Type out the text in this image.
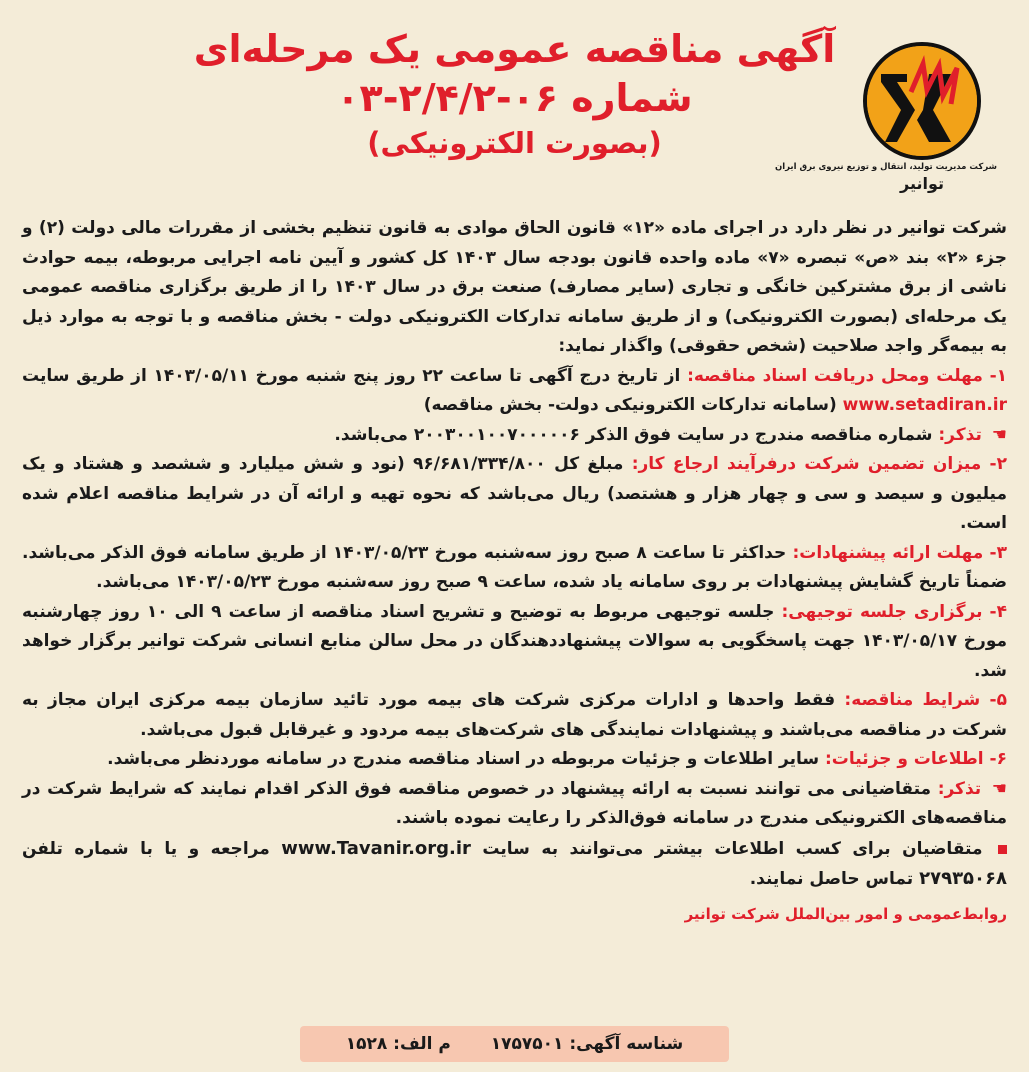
شرکت مدیریت تولید، انتقال و توزیع نیروی برق ایران
توانیر
آگهی مناقصه عمومی یک مرحله‌ای
شماره ۰۶-۲/۴/۲-۰۳
(بصورت الکترونیکی)

شرکت توانیر در نظر دارد در اجرای ماده «۱۲» قانون الحاق موادی به قانون تنظیم بخشی از مقررات مالی دولت (۲) و جزء «۲» بند «ص» تبصره «۷» ماده واحده قانون بودجه سال ۱۴۰۳ کل کشور و آیین نامه اجرایی مربوطه، بیمه حوادث ناشی از برق مشترکین خانگی و تجاری (سایر مصارف) صنعت برق در سال ۱۴۰۳ را از طریق برگزاری مناقصه عمومی یک مرحله‌ای (بصورت الکترونیکی) و از طریق سامانه تدارکات الکترونیکی دولت - بخش مناقصه و با توجه به موارد ذیل به بیمه‌گر واجد صلاحیت (شخص حقوقی) واگذار نماید:

۱- مهلت ومحل دریافت اسناد مناقصه: از تاریخ درج آگهی تا ساعت ۲۲ روز پنج شنبه مورخ ۱۴۰۳/۰۵/۱۱ از طریق سایت www.setadiran.ir (سامانه تدارکات الکترونیکی دولت- بخش مناقصه)

☚ تذکر: شماره مناقصه مندرج در سایت فوق الذکر ۲۰۰۳۰۰۱۰۰۷۰۰۰۰۰۶ می‌باشد.

۲- میزان تضمین شرکت درفرآیند ارجاع کار: مبلغ کل ۹۶/۶۸۱/۳۳۴/۸۰۰ (نود و شش میلیارد و ششصد و هشتاد و یک میلیون و سیصد و سی و چهار هزار و هشتصد) ریال می‌باشد که نحوه تهیه و ارائه آن در شرایط مناقصه اعلام شده است.

۳- مهلت ارائه پیشنهادات: حداکثر تا ساعت ۸ صبح روز سه‌شنبه مورخ ۱۴۰۳/۰۵/۲۳ از طریق سامانه فوق الذکر می‌باشد. ضمناً تاریخ گشایش پیشنهادات بر روی سامانه یاد شده، ساعت ۹ صبح روز سه‌شنبه مورخ ۱۴۰۳/۰۵/۲۳ می‌باشد.

۴- برگزاری جلسه توجیهی: جلسه توجیهی مربوط به توضیح و تشریح اسناد مناقصه از ساعت ۹ الی ۱۰ روز چهارشنبه مورخ ۱۴۰۳/۰۵/۱۷ جهت پاسخگویی به سوالات پیشنهاددهندگان در محل سالن منابع انسانی شرکت توانیر برگزار خواهد شد.

۵- شرایط مناقصه: فقط واحدها و ادارات مرکزی شرکت های بیمه مورد تائید سازمان بیمه مرکزی ایران مجاز به شرکت در مناقصه می‌باشند و پیشنهادات نمایندگی های شرکت‌های بیمه مردود و غیرقابل قبول می‌باشد.

۶- اطلاعات و جزئیات: سایر اطلاعات و جزئیات مربوطه در اسناد مناقصه مندرج در سامانه موردنظر می‌باشد.

☚ تذکر: متقاضیانی می توانند نسبت به ارائه پیشنهاد در خصوص مناقصه فوق الذکر اقدام نمایند که شرایط شرکت در مناقصه‌های الکترونیکی مندرج در سامانه فوق‌الذکر را رعایت نموده باشند.

متقاضیان برای کسب اطلاعات بیشتر می‌توانند به سایت www.Tavanir.org.ir مراجعه و یا با شماره تلفن ۲۷۹۳۵۰۶۸ تماس حاصل نمایند.

روابط‌عمومی و امور بین‌الملل شرکت توانیر
شناسه آگهی: ۱۷۵۷۵۰۱
م الف: ۱۵۲۸
